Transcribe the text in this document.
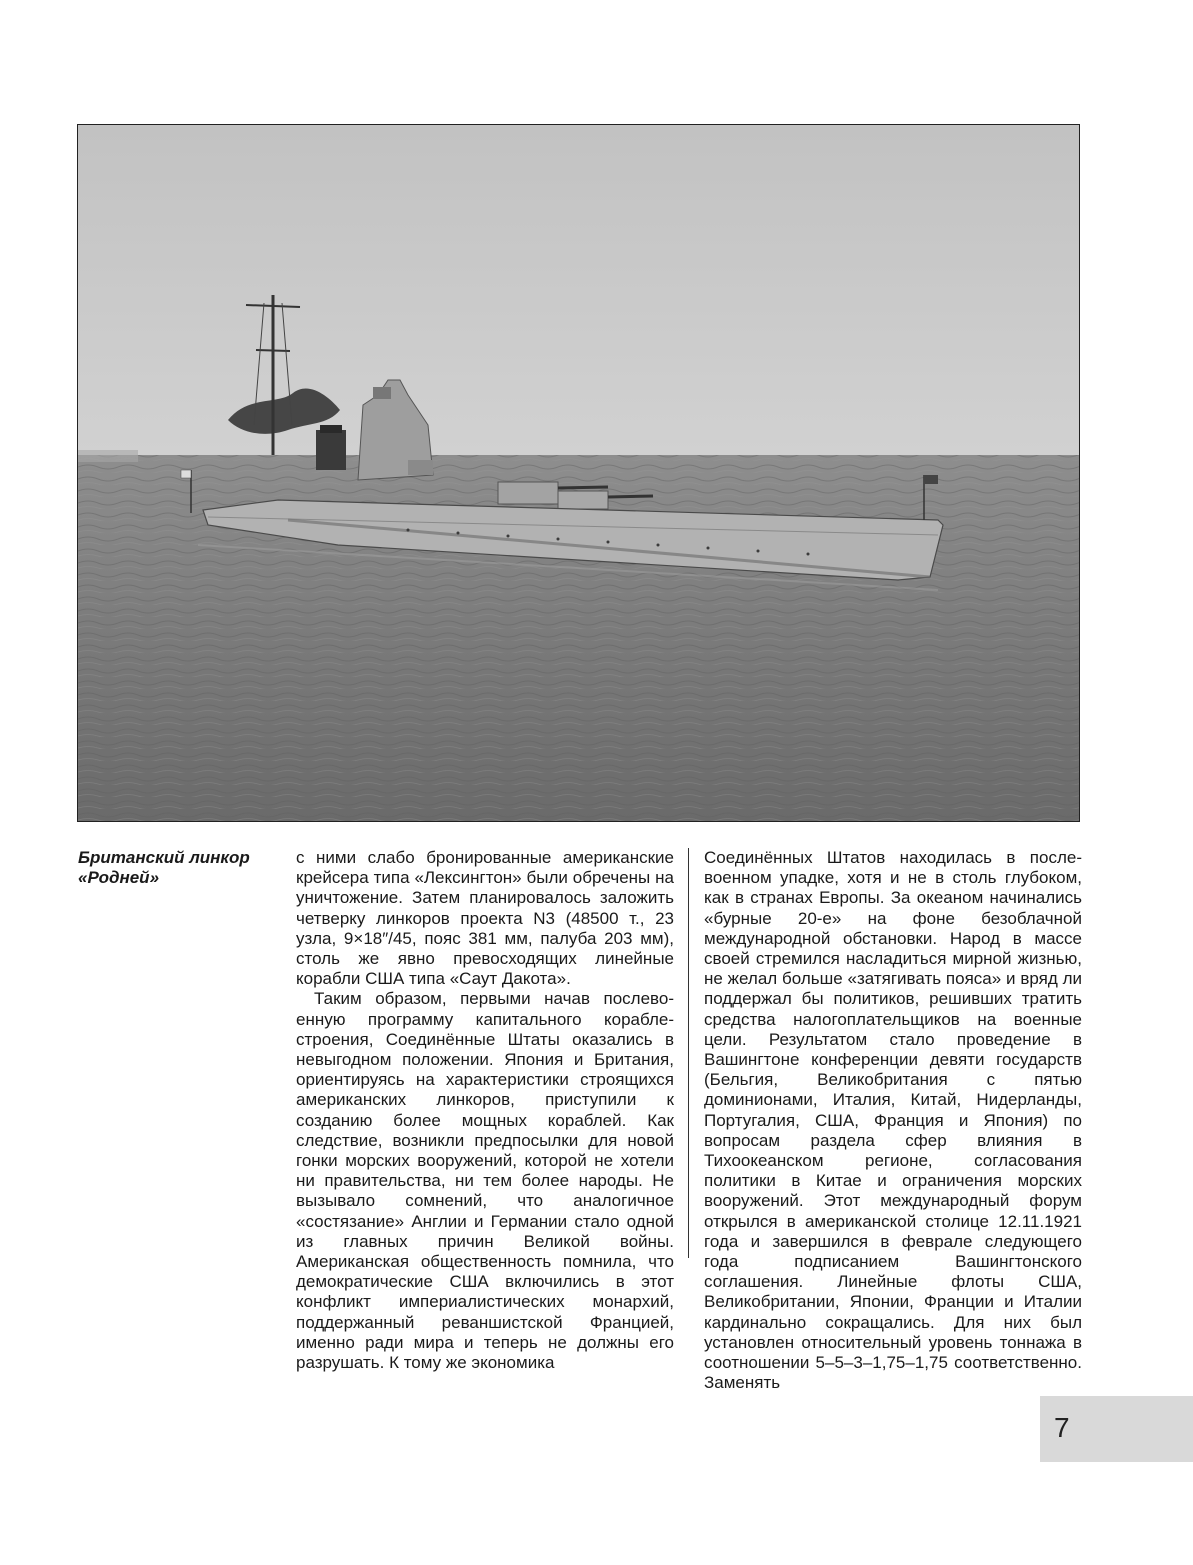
Британский линкор «Родней»

с ними слабо бронированные американские крейсера типа «Лексингтон» были обречены на уничтожение. Затем планировалось заложить четверку линкоров проекта N3 (48500 т., 23 узла, 9×18″/45, пояс 381 мм, палуба 203 мм), столь же явно превосходящих линейные корабли США типа «Саут Дакота».

Таким образом, первыми начав послевоенную программу капитального кораблестроения, Соединённые Штаты оказались в невыгодном положении. Япония и Британия, ориентируясь на характеристики строящихся американских линкоров, приступили к созданию более мощных кораблей. Как следствие, возникли предпосылки для новой гонки морских вооружений, которой не хотели ни правительства, ни тем более народы. Не вызывало сомнений, что аналогичное «состязание» Англии и Германии стало одной из главных причин Великой войны. Американская общественность помнила, что демократические США включились в этот конфликт империалистических монархий, поддержанный реваншистской Францией, именно ради мира и теперь не должны его разрушать. К тому же экономика

Соединённых Штатов находилась в послевоенном упадке, хотя и не в столь глубоком, как в странах Европы. За океаном начинались «бурные 20-е» на фоне безоблачной международной обстановки. Народ в массе своей стремился насладиться мирной жизнью, не желал больше «затягивать пояса» и вряд ли поддержал бы политиков, решивших тратить средства налогоплательщиков на военные цели. Результатом стало проведение в Вашингтоне конференции девяти государств (Бельгия, Великобритания с пятью доминионами, Италия, Китай, Нидерланды, Португалия, США, Франция и Япония) по вопросам раздела сфер влияния в Тихоокеанском регионе, согласования политики в Китае и ограничения морских вооружений. Этот международный форум открылся в американской столице 12.11.1921 года и завершился в феврале следующего года подписанием Вашингтонского соглашения. Линейные флоты США, Великобритании, Японии, Франции и Италии кардинально сокращались. Для них был установлен относительный уровень тоннажа в соотношении 5–5–3–1,75–1,75 соответственно. Заменять

7
